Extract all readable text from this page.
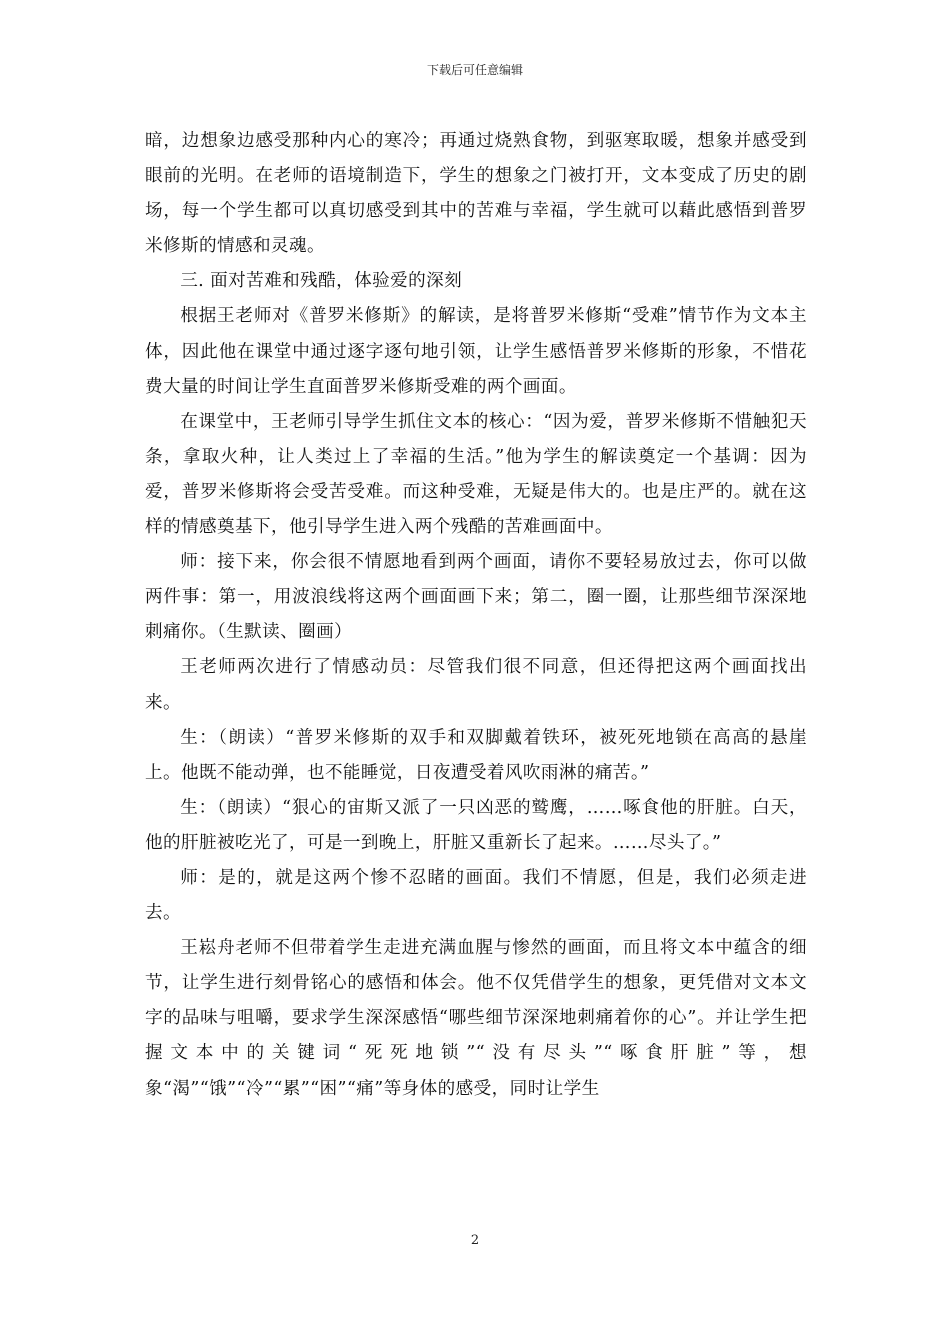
下载后可任意编辑

暗，边想象边感受那种内心的寒冷；再通过烧熟食物，到驱寒取暖，想象并感受到眼前的光明。在老师的语境制造下，学生的想象之门被打开，文本变成了历史的剧场，每一个学生都可以真切感受到其中的苦难与幸福，学生就可以藉此感悟到普罗米修斯的情感和灵魂。

三. 面对苦难和残酷，体验爱的深刻

根据王老师对《普罗米修斯》的解读，是将普罗米修斯“受难”情节作为文本主体，因此他在课堂中通过逐字逐句地引领，让学生感悟普罗米修斯的形象，不惜花费大量的时间让学生直面普罗米修斯受难的两个画面。

在课堂中，王老师引导学生抓住文本的核心：“因为爱，普罗米修斯不惜触犯天条，拿取火种，让人类过上了幸福的生活。”他为学生的解读奠定一个基调：因为爱，普罗米修斯将会受苦受难。而这种受难，无疑是伟大的。也是庄严的。就在这样的情感奠基下，他引导学生进入两个残酷的苦难画面中。

师：接下来，你会很不情愿地看到两个画面，请你不要轻易放过去，你可以做两件事：第一，用波浪线将这两个画面画下来；第二，圈一圈，让那些细节深深地刺痛你。（生默读、圈画）

王老师两次进行了情感动员：尽管我们很不同意，但还得把这两个画面找出来。

生：（朗读）“普罗米修斯的双手和双脚戴着铁环，被死死地锁在高高的悬崖上。他既不能动弹，也不能睡觉，日夜遭受着风吹雨淋的痛苦。”

生：（朗读）“狠心的宙斯又派了一只凶恶的鹫鹰，……啄食他的肝脏。白天，他的肝脏被吃光了，可是一到晚上，肝脏又重新长了起来。……尽头了。”

师：是的，就是这两个惨不忍睹的画面。我们不情愿，但是，我们必须走进去。

王崧舟老师不但带着学生走进充满血腥与惨然的画面，而且将文本中蕴含的细节，让学生进行刻骨铭心的感悟和体会。他不仅凭借学生的想象，更凭借对文本文字的品味与咀嚼，要求学生深深感悟“哪些细节深深地刺痛着你的心”。并让学生把握文本中的关键词“死死地锁”“没有尽头”“啄食肝脏”等，想象“渴”“饿”“冷”“累”“困”“痛”等身体的感受，同时让学生

2
